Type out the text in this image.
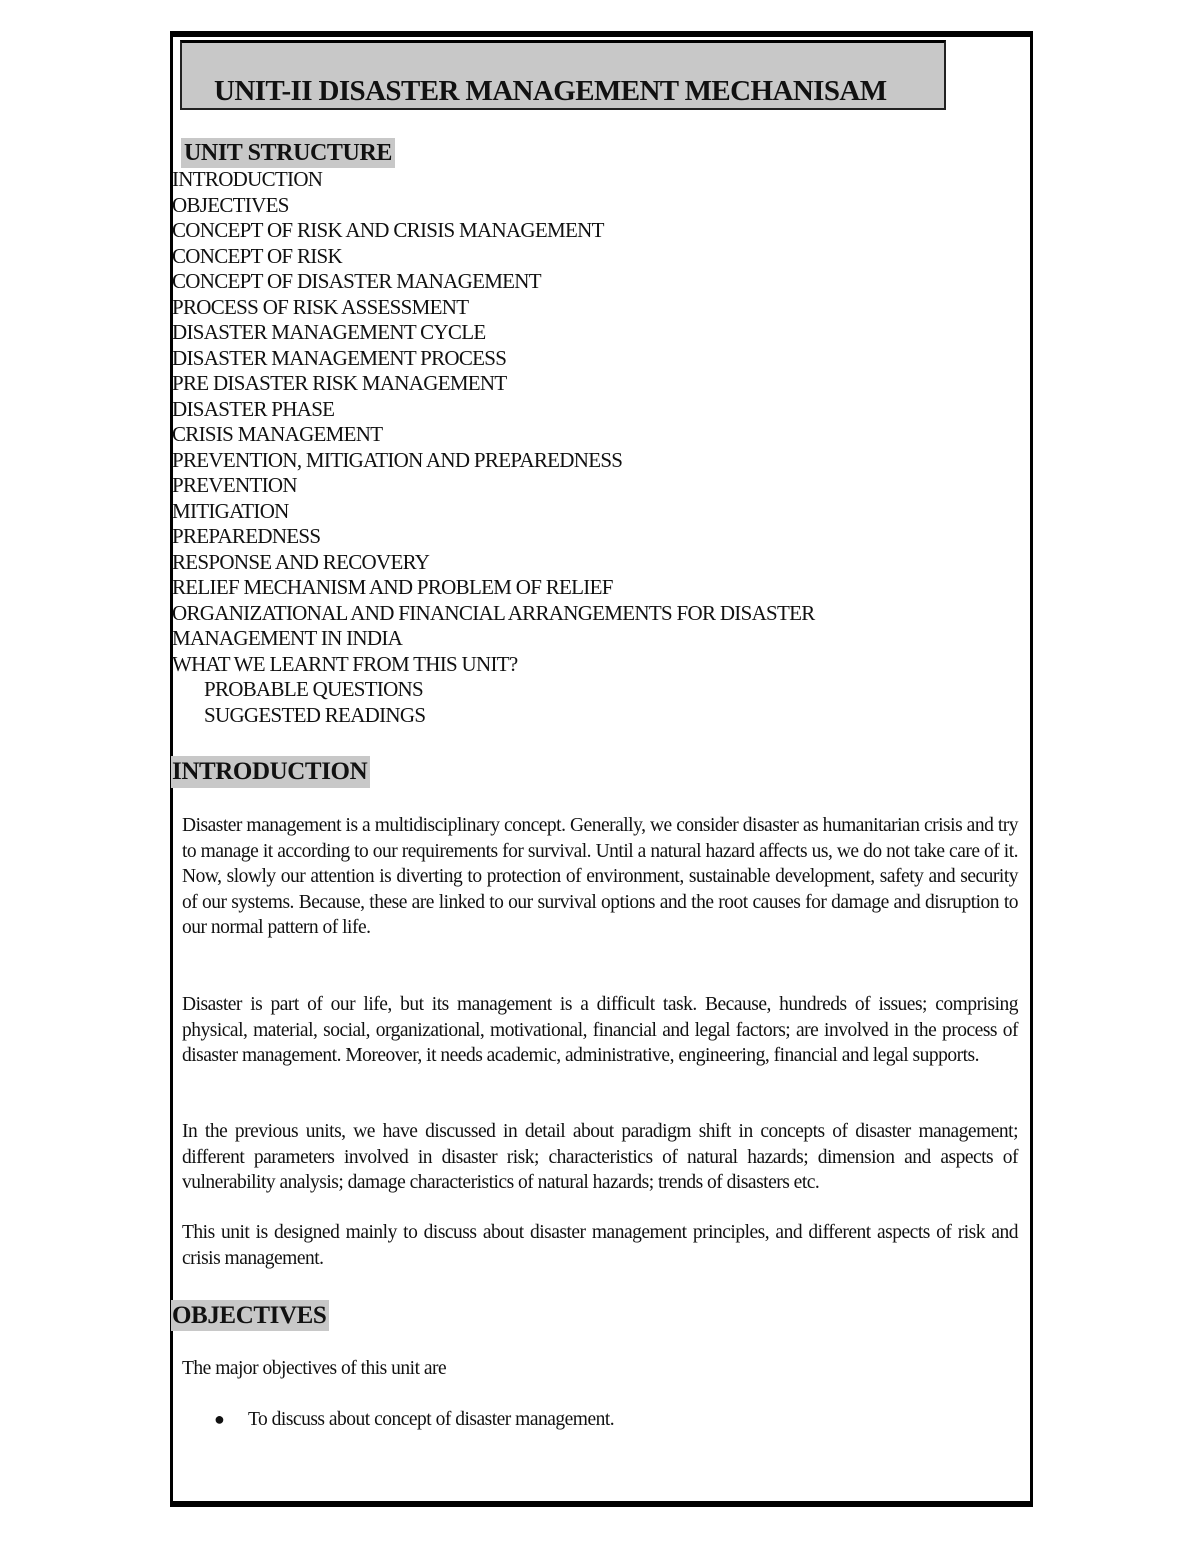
UNIT-II DISASTER MANAGEMENT MECHANISAM
UNIT STRUCTURE
INTRODUCTION
OBJECTIVES
CONCEPT OF RISK AND CRISIS MANAGEMENT
CONCEPT OF RISK
CONCEPT OF DISASTER MANAGEMENT
PROCESS OF RISK ASSESSMENT
DISASTER MANAGEMENT CYCLE
DISASTER MANAGEMENT PROCESS
PRE DISASTER RISK MANAGEMENT
DISASTER PHASE
CRISIS MANAGEMENT
PREVENTION, MITIGATION AND PREPAREDNESS
PREVENTION
MITIGATION
PREPAREDNESS
RESPONSE AND RECOVERY
RELIEF MECHANISM AND PROBLEM OF RELIEF
ORGANIZATIONAL AND FINANCIAL ARRANGEMENTS FOR DISASTER
MANAGEMENT IN INDIA
WHAT WE LEARNT FROM THIS UNIT?
PROBABLE QUESTIONS
SUGGESTED READINGS
INTRODUCTION

Disaster management is a multidisciplinary concept. Generally, we consider disaster as humanitarian crisis and try to manage it according to our requirements for survival. Until a natural hazard affects us, we do not take care of it. Now, slowly our attention is diverting to protection of environment, sustainable development, safety and security of our systems. Because, these are linked to our survival options and the root causes for damage and disruption to our normal pattern of life.

Disaster is part of our life, but its management is a difficult task. Because, hundreds of issues; comprising physical, material, social, organizational, motivational, financial and legal factors; are involved in the process of disaster management. Moreover, it needs academic, administrative, engineering, financial and legal supports.

In the previous units, we have discussed in detail about paradigm shift in concepts of disaster management; different parameters involved in disaster risk; characteristics of natural hazards; dimension and aspects of vulnerability analysis; damage characteristics of natural hazards; trends of disasters etc.

This unit is designed mainly to discuss about disaster management principles, and different aspects of risk and crisis management.

OBJECTIVES

The major objectives of this unit are

●	To discuss about concept of disaster management.
